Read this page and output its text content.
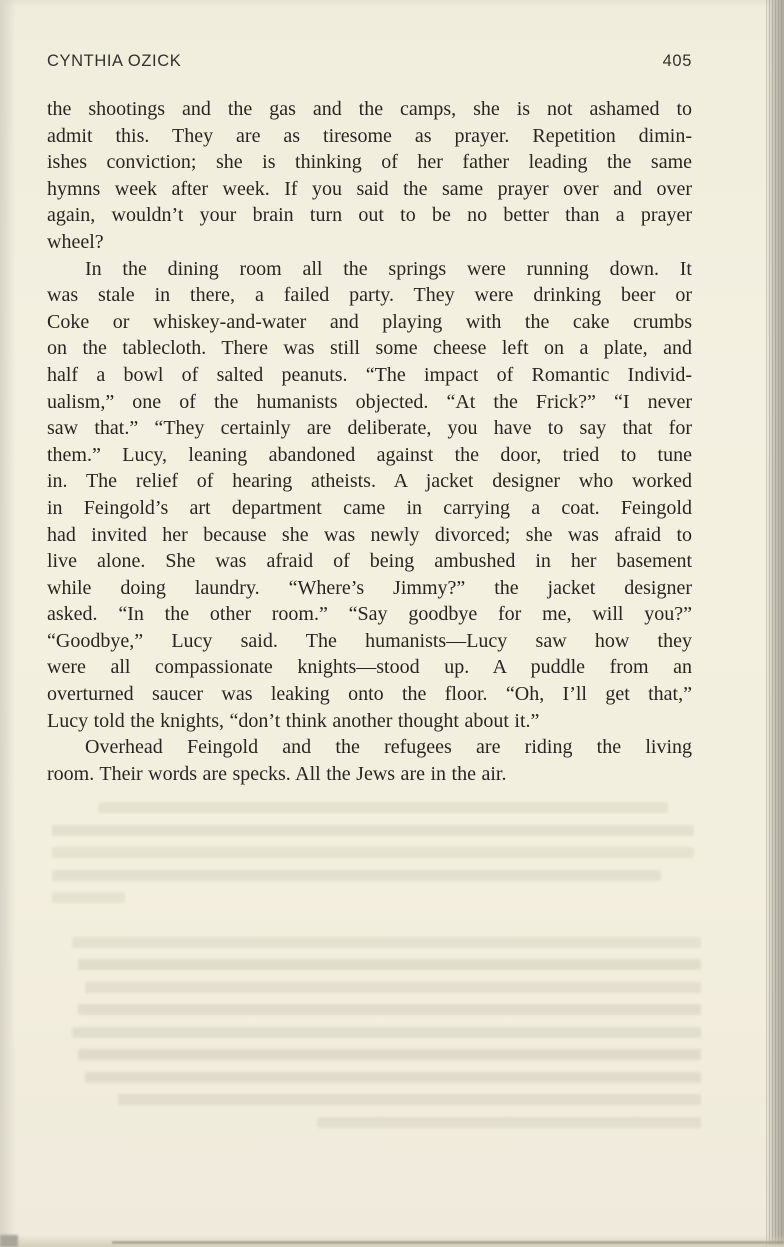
CYNTHIA OZICK	405
the shootings and the gas and the camps, she is not ashamed to
admit this. They are as tiresome as prayer. Repetition dimin-
ishes conviction; she is thinking of her father leading the same
hymns week after week. If you said the same prayer over and over
again, wouldn’t your brain turn out to be no better than a prayer
wheel?
In the dining room all the springs were running down. It
was stale in there, a failed party. They were drinking beer or
Coke or whiskey-and-water and playing with the cake crumbs
on the tablecloth. There was still some cheese left on a plate, and
half a bowl of salted peanuts. “The impact of Romantic Individ-
ualism,” one of the humanists objected. “At the Frick?” “I never
saw that.” “They certainly are deliberate, you have to say that for
them.” Lucy, leaning abandoned against the door, tried to tune
in. The relief of hearing atheists. A jacket designer who worked
in Feingold’s art department came in carrying a coat. Feingold
had invited her because she was newly divorced; she was afraid to
live alone. She was afraid of being ambushed in her basement
while doing laundry. “Where’s Jimmy?” the jacket designer
asked. “In the other room.” “Say goodbye for me, will you?”
“Goodbye,” Lucy said. The humanists—Lucy saw how they
were all compassionate knights—stood up. A puddle from an
overturned saucer was leaking onto the floor. “Oh, I’ll get that,”
Lucy told the knights, “don’t think another thought about it.”
Overhead Feingold and the refugees are riding the living
room. Their words are specks. All the Jews are in the air.
